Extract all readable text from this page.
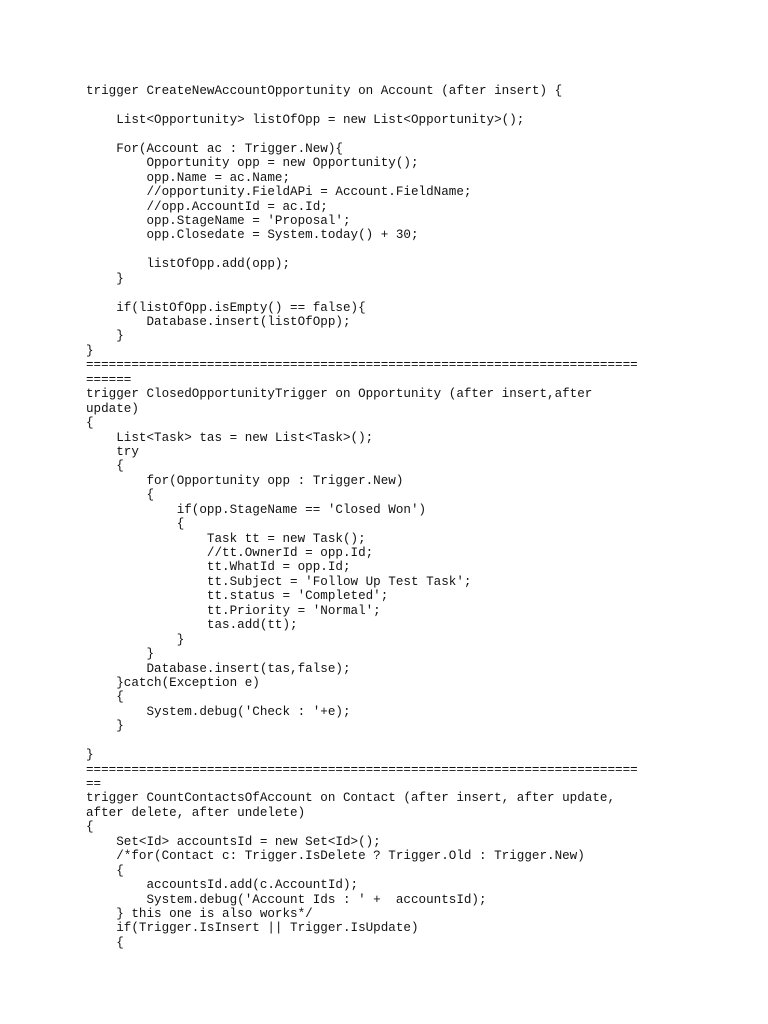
trigger CreateNewAccountOpportunity on Account (after insert) {
List<Opportunity> listOfOpp = new List<Opportunity>();
For(Account ac : Trigger.New){
Opportunity opp = new Opportunity();
opp.Name = ac.Name;
//opportunity.FieldAPi = Account.FieldName;
//opp.AccountId = ac.Id;
opp.StageName = 'Proposal';
opp.Closedate = System.today() + 30;
listOfOpp.add(opp);
}
if(listOfOpp.isEmpty() == false){
Database.insert(listOfOpp);
}
}
=========================================================================
======
trigger ClosedOpportunityTrigger on Opportunity (after insert,after
update)
{
List<Task> tas = new List<Task>();
try
{
for(Opportunity opp : Trigger.New)
{
if(opp.StageName == 'Closed Won')
{
Task tt = new Task();
//tt.OwnerId = opp.Id;
tt.WhatId = opp.Id;
tt.Subject = 'Follow Up Test Task';
tt.status = 'Completed';
tt.Priority = 'Normal';
tas.add(tt);
}
}
Database.insert(tas,false);
}catch(Exception e)
{
System.debug('Check : '+e);
}
}
=========================================================================
==
trigger CountContactsOfAccount on Contact (after insert, after update,
after delete, after undelete)
{
Set<Id> accountsId = new Set<Id>();
/*for(Contact c: Trigger.IsDelete ? Trigger.Old : Trigger.New)
{
accountsId.add(c.AccountId);
System.debug('Account Ids : ' +  accountsId);
} this one is also works*/
if(Trigger.IsInsert || Trigger.IsUpdate)
{
